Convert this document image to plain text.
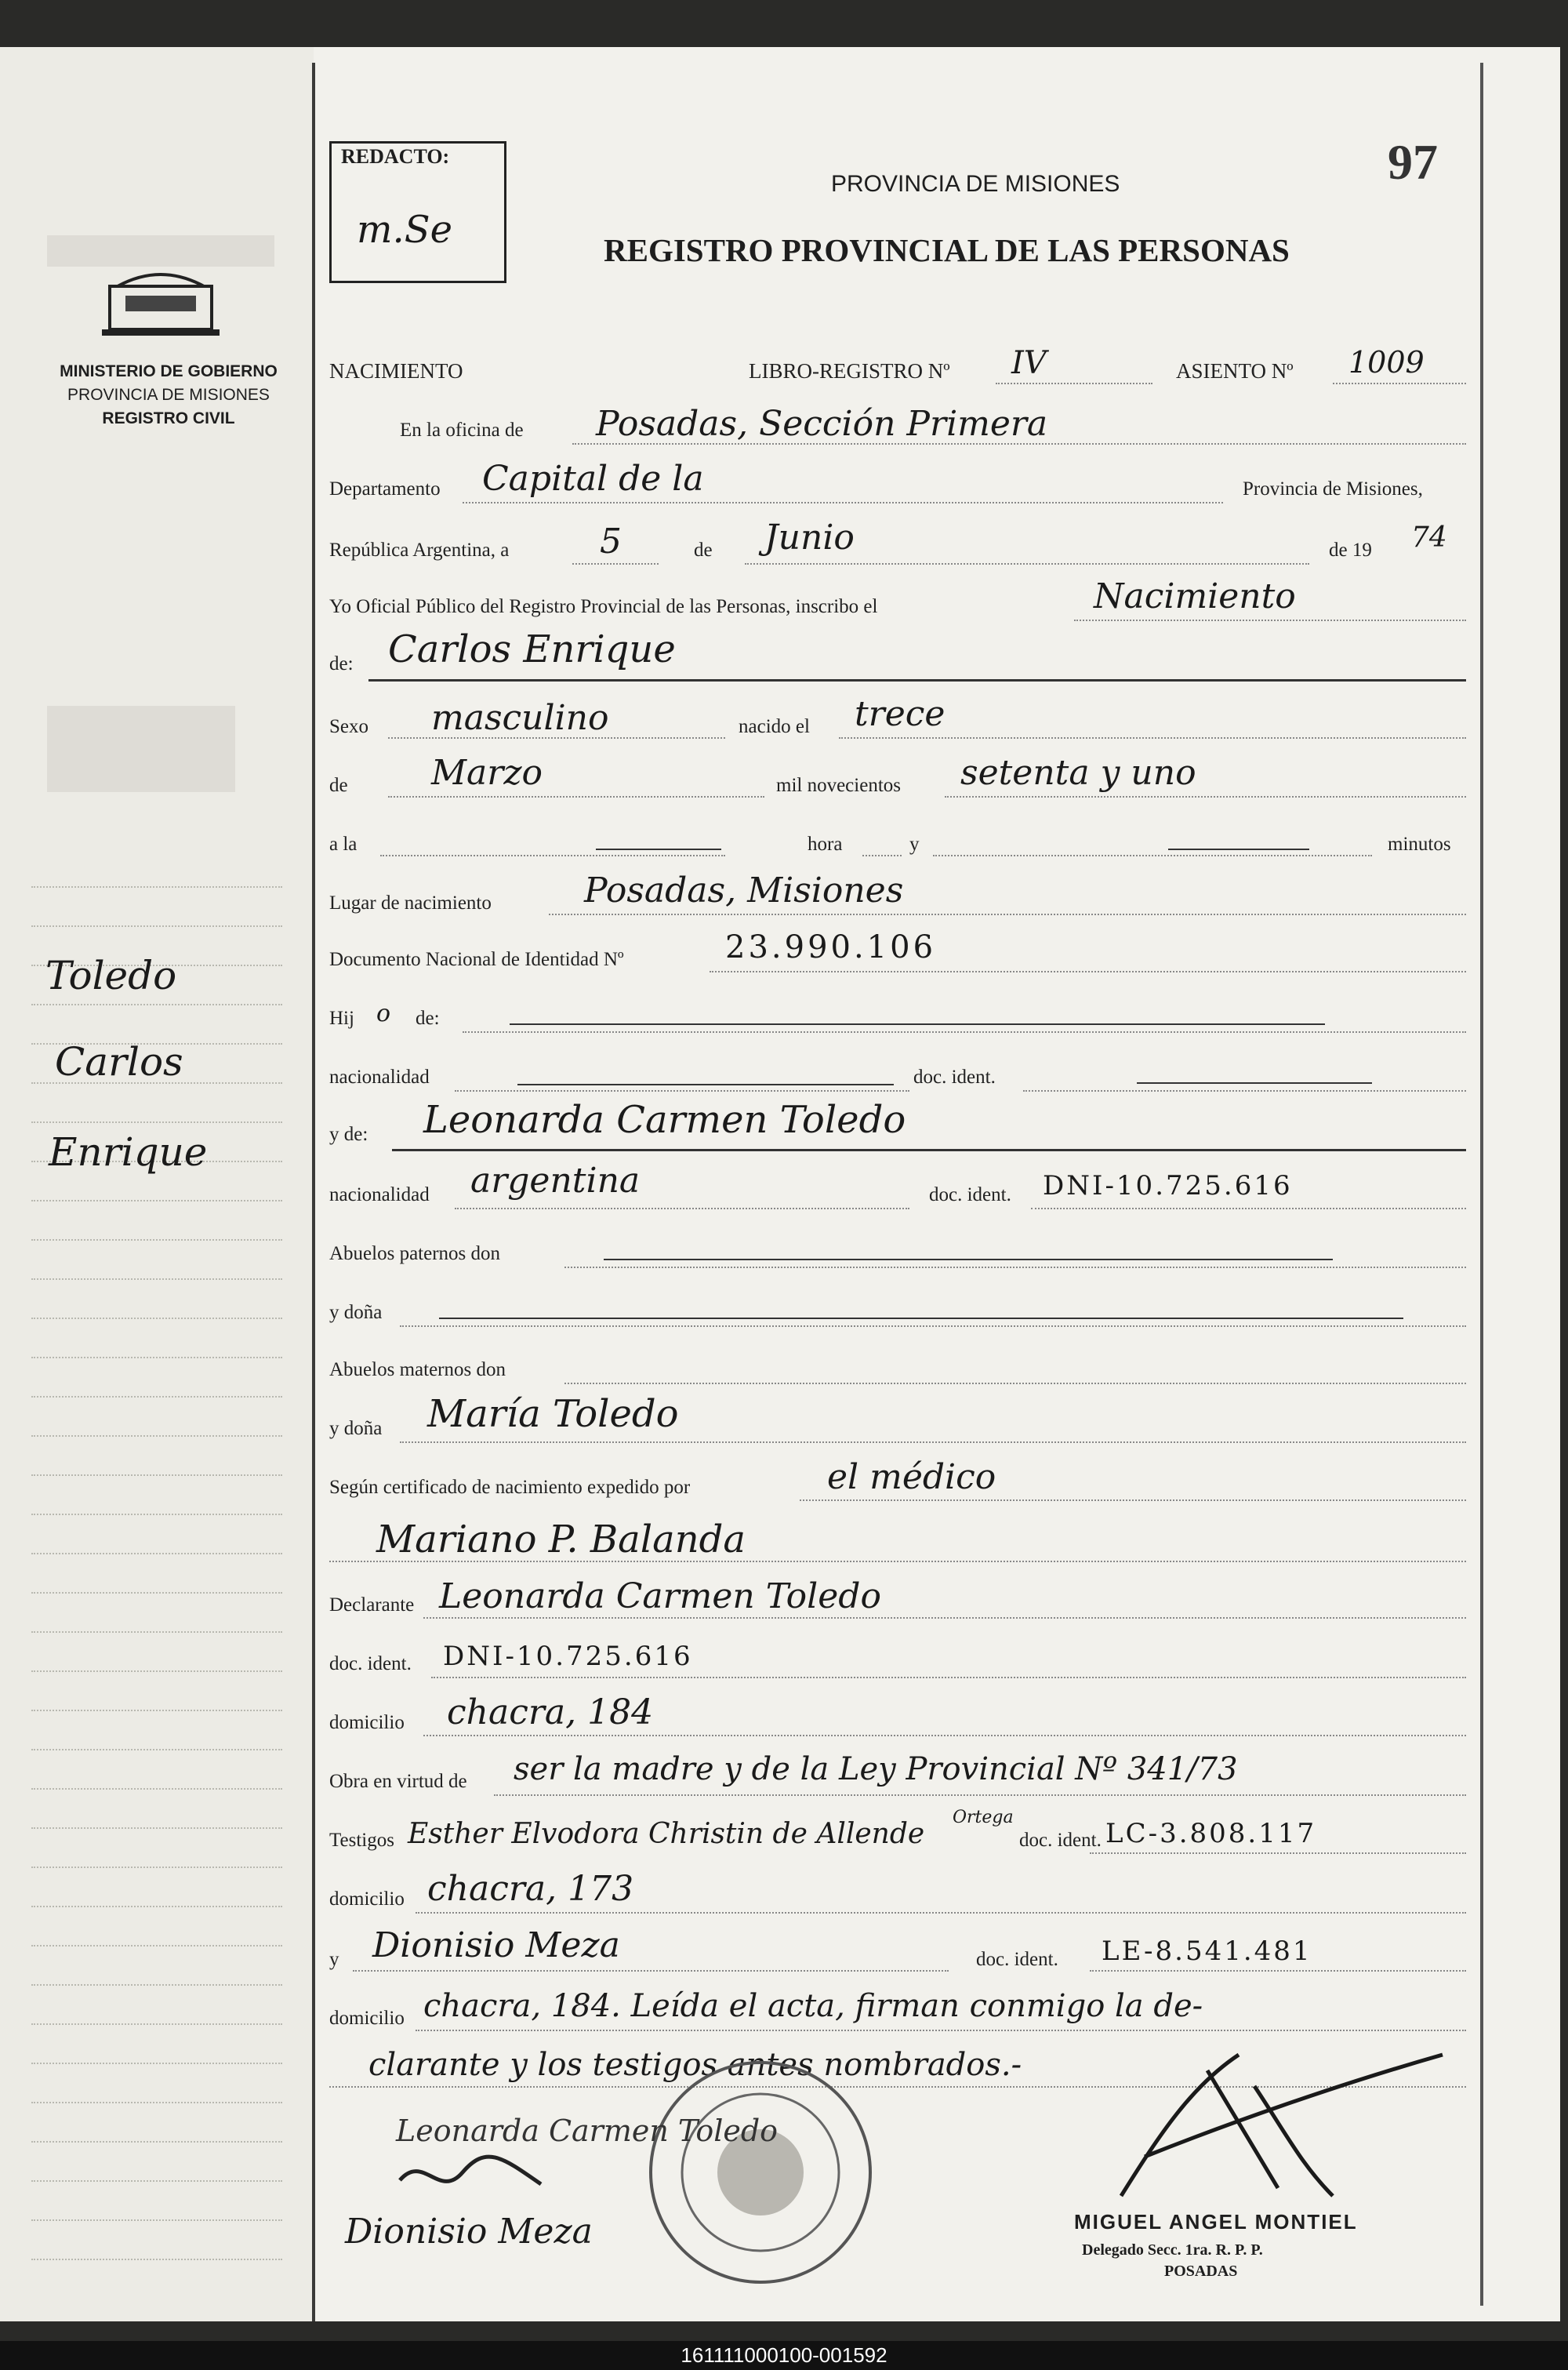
MINISTERIO DE GOBIERNO
PROVINCIA DE MISIONES
REGISTRO CIVIL
Toledo
Carlos
Enrique
REDACTO:
m.Se
97
PROVINCIA DE MISIONES
REGISTRO PROVINCIAL DE LAS PERSONAS
NACIMIENTO	LIBRO-REGISTRO Nº IV	ASIENTO Nº 1009
En la oficina de Posadas, Sección Primera
Departamento Capital de la	Provincia de Misiones,
República Argentina, a	5	de Junio	de 19 74
Yo Oficial Público del Registro Provincial de las Personas, inscribo el	Nacimiento
de: Carlos Enrique
Sexo masculino	nacido el trece
de Marzo	mil novecientos setenta y uno
a la	hora	y	minutos
Lugar de nacimiento	Posadas, Misiones
Documento Nacional de Identidad Nº	23.990.106
Hij o de:
nacionalidad	doc. ident.
y de: Leonarda Carmen Toledo
nacionalidad argentina	doc. ident. DNI-10.725.616
Abuelos paternos don
y doña
Abuelos maternos don
y doña María Toledo
Según certificado de nacimiento expedido por	el médico
Mariano P. Balanda
Declarante Leonarda Carmen Toledo
doc. ident. DNI-10.725.616
domicilio chacra, 184
Obra en virtud de ser la madre y de la Ley Provincial Nº 341/73
Testigos Esther Elvodora Christin de Allende
Ortega
doc. ident. LC-3.808.117
domicilio chacra, 173
y Dionisio Meza	doc. ident. LE-8.541.481
domicilio chacra, 184. Leída el acta, firman conmigo la de-
clarante y los testigos antes nombrados.-
Leonarda Carmen Toledo
Dionisio Meza	MIGUEL ANGEL MONTIEL
Delegado Secc. 1ra. R. P. P.
POSADAS
161111000100-001592
